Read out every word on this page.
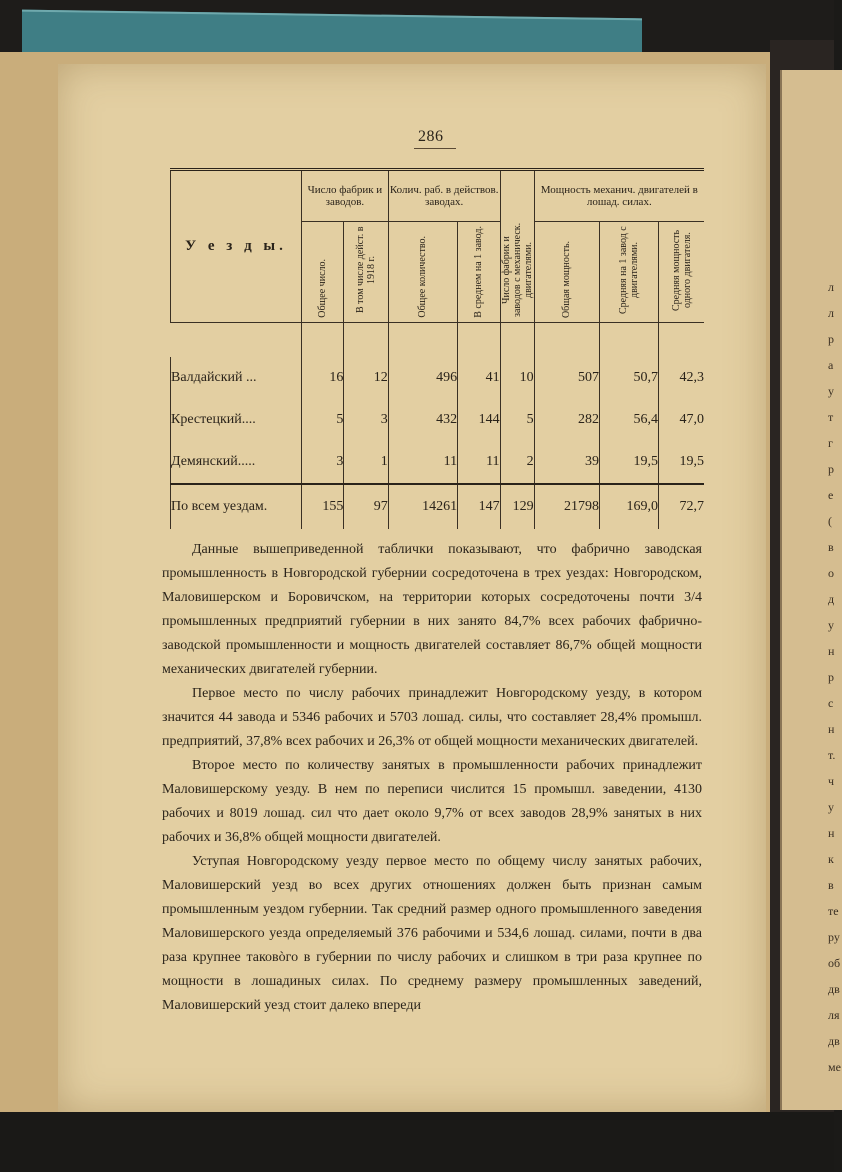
л
л
р
а
у
т
г
р
е
(
в
о
д
у
н
р
с
н
т.
ч
у
н
к
в
те
ру
об
дв
ля
дв
ме
286
У е з д ы.	Число фабрик и заводов.		Колич. раб. в действов. заводах.		Число фабрик и заводов с механическ. двигателями.	Мощность механич. двигателей в лошад. силах.		

	Общее число.	В том числе дейст. в 1918 г.	Общее количество.	В среднем на 1 завод.		Общая мощность.	Средняя на 1 завод с двигателями.	Средняя мощность одного двигателя.

Валдайский ...	16	12	496	41	10	507	50,7	42,3
Крестецкий....	5	3	432	144	5	282	56,4	47,0
Демянский.....	3	1	11	11	2	39	19,5	19,5
По всем уездам.	155	97	14261	147	129	21798	169,0	72,7

Данные вышеприведенной таблички показывают, что фабрично заводская промышленность в Новгородской губернии сосредоточена в трех уездах: Новгородском, Маловишерском и Боровичском, на территории которых сосредоточены почти 3/4 промышленных предприятий губернии в них занято 84,7% всех рабочих фабрично-заводской промышленности и мощность двигателей составляет 86,7% общей мощности механических двигателей губернии.

Первое место по числу рабочих принадлежит Новгородскому уезду, в котором значится 44 завода и 5346 рабочих и 5703 лошад. силы, что составляет 28,4% промышл. предприятий, 37,8% всех рабочих и 26,3% от общей мощности механических двигателей.

Второе место по количеству занятых в промышленности рабочих принадлежит Маловишерскому уезду. В нем по переписи числится 15 промышл. заведении, 4130 рабочих и 8019 лошад. сил что дает около 9,7% от всех заводов 28,9% занятых в них рабочих и 36,8% общей мощности двигателей.

Уступая Новгородскому уезду первое место по общему числу занятых рабочих, Маловишерский уезд во всех других отношениях должен быть признан самым промышленным уездом губернии. Так средний размер одного промышленного заведения Маловишерского уезда определяемый 376 рабочими и 534,6 лошад. силами, почти в два раза крупнее таковòго в губернии по числу рабочих и слишком в три раза крупнее по мощности в лошадиных силах. По среднему размеру промышленных заведений, Маловишерский уезд стоит далеко впереди
